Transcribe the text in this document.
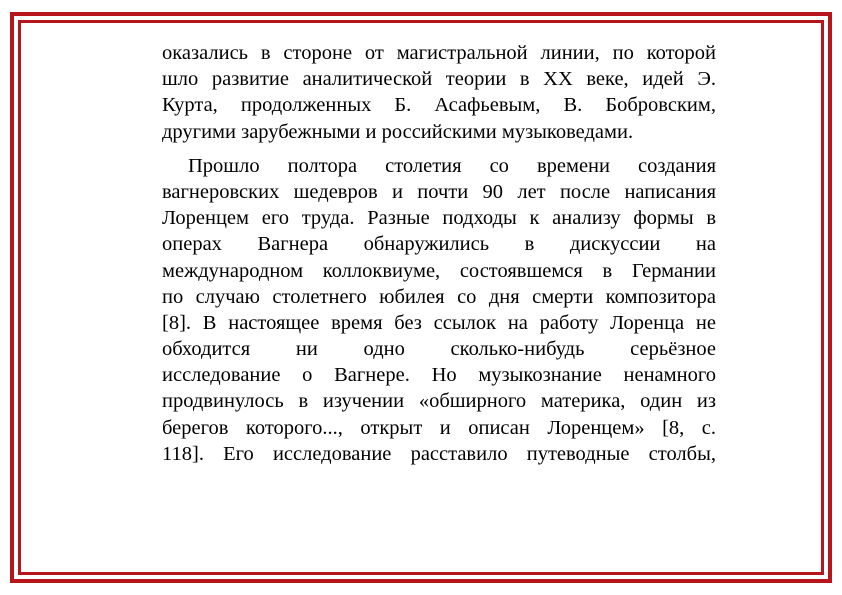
оказались в стороне от магистральной линии, по которой
шло развитие аналитической теории в XX веке, идей Э.
Курта, продолженных Б. Асафьевым, В. Бобровским,
другими зарубежными и российскими музыковедами.
Прошло полтора столетия со времени создания
вагнеровских шедевров и почти 90 лет после написания
Лоренцем его труда. Разные подходы к анализу формы в
операх Вагнера обнаружились в дискуссии на
международном коллоквиуме, состоявшемся в Германии
по случаю столетнего юбилея со дня смерти композитора
[8]. В настоящее время без ссылок на работу Лоренца не
обходится ни одно сколько-нибудь серьёзное
исследование о Вагнере. Но музыкознание ненамного
продвинулось в изучении «обширного материка, один из
берегов которого..., открыт и описан Лоренцем» [8, с.
118]. Его исследование расставило путеводные столбы,
